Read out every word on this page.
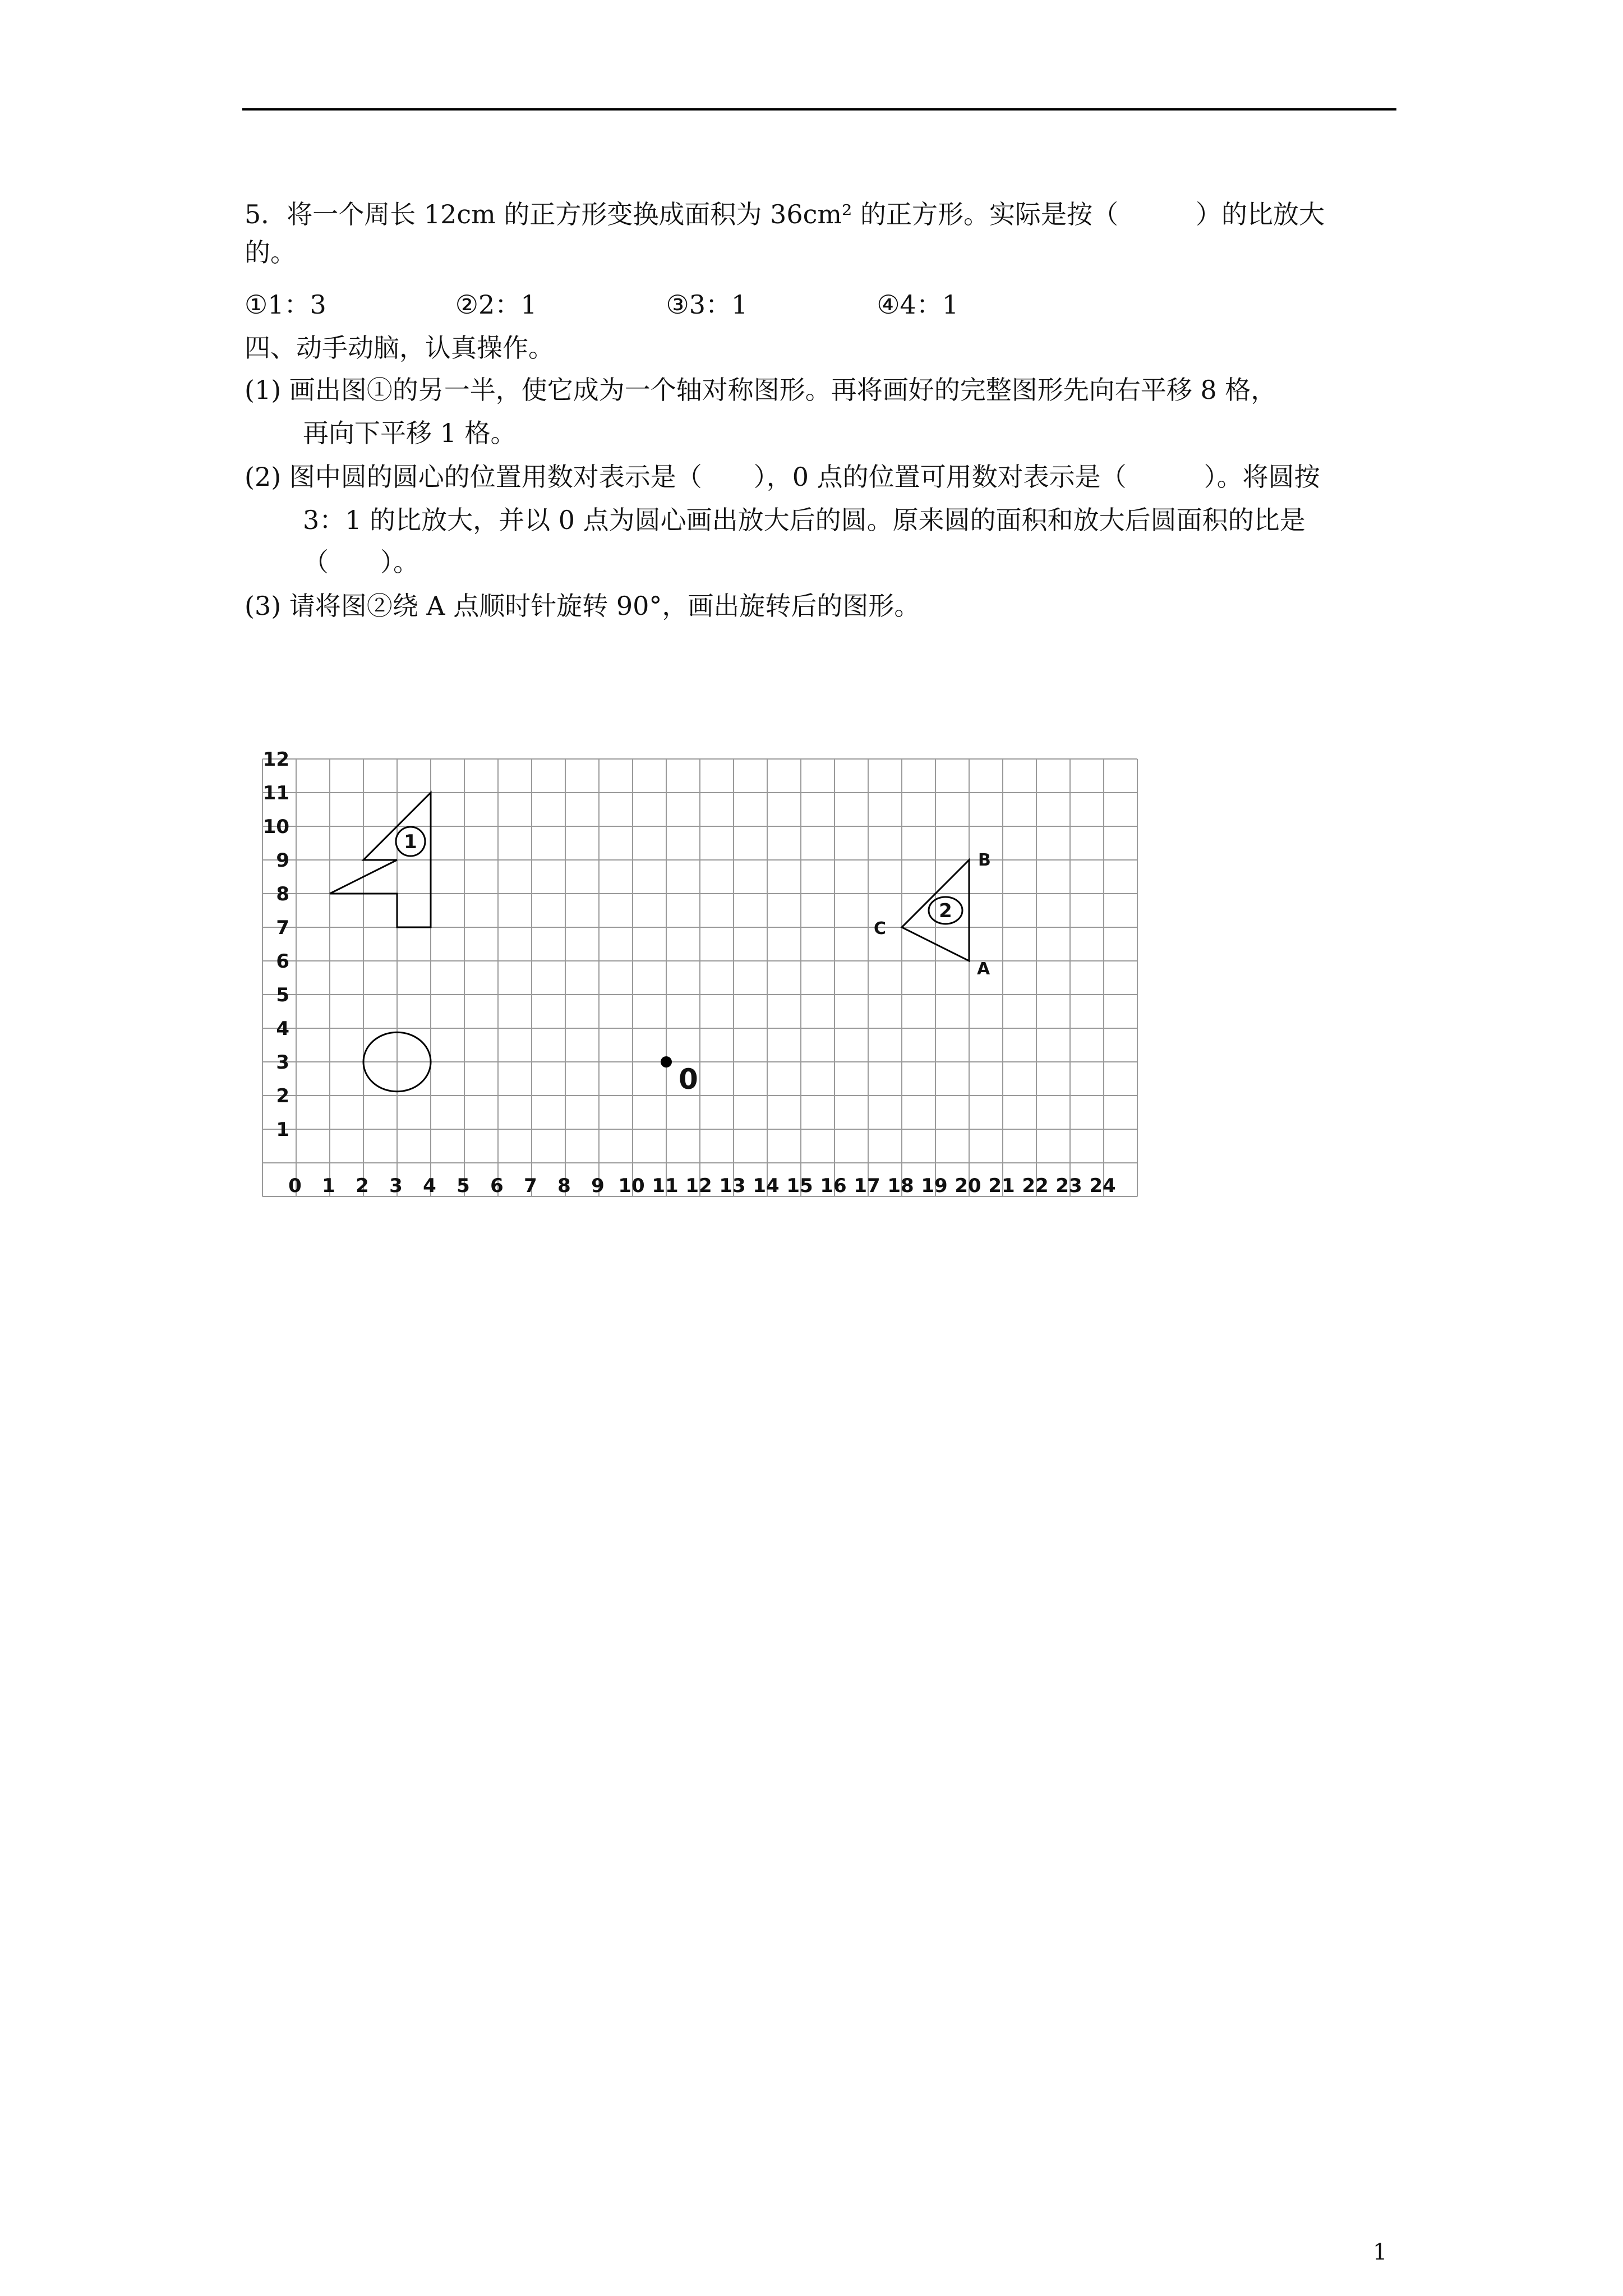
5．将一个周长 12cm 的正方形变换成面积为 36cm² 的正方形。实际是按（　　　）的比放大
的。
①1：3　　　　　②2：1　　　　　③3：1　　　　　④4：1
四、动手动脑，认真操作。
(1) 画出图①的另一半，使它成为一个轴对称图形。再将画好的完整图形先向右平移 8 格，
再向下平移 1 格。
(2) 图中圆的圆心的位置用数对表示是（　　），0 点的位置可用数对表示是（　　　）。将圆按
3：1 的比放大，并以 0 点为圆心画出放大后的圆。原来圆的面积和放大后圆面积的比是
（　　）。
(3) 请将图②绕 A 点顺时针旋转 90°，画出旋转后的图形。
0 1 2 3 4 5 6 7 8 9 10 11 12 13 14 15 16 17 18 19 20 21 22 23 24
1
2
3
4
5
6
7
8
9
10
11
12
1
2
A
B
C
0
1
